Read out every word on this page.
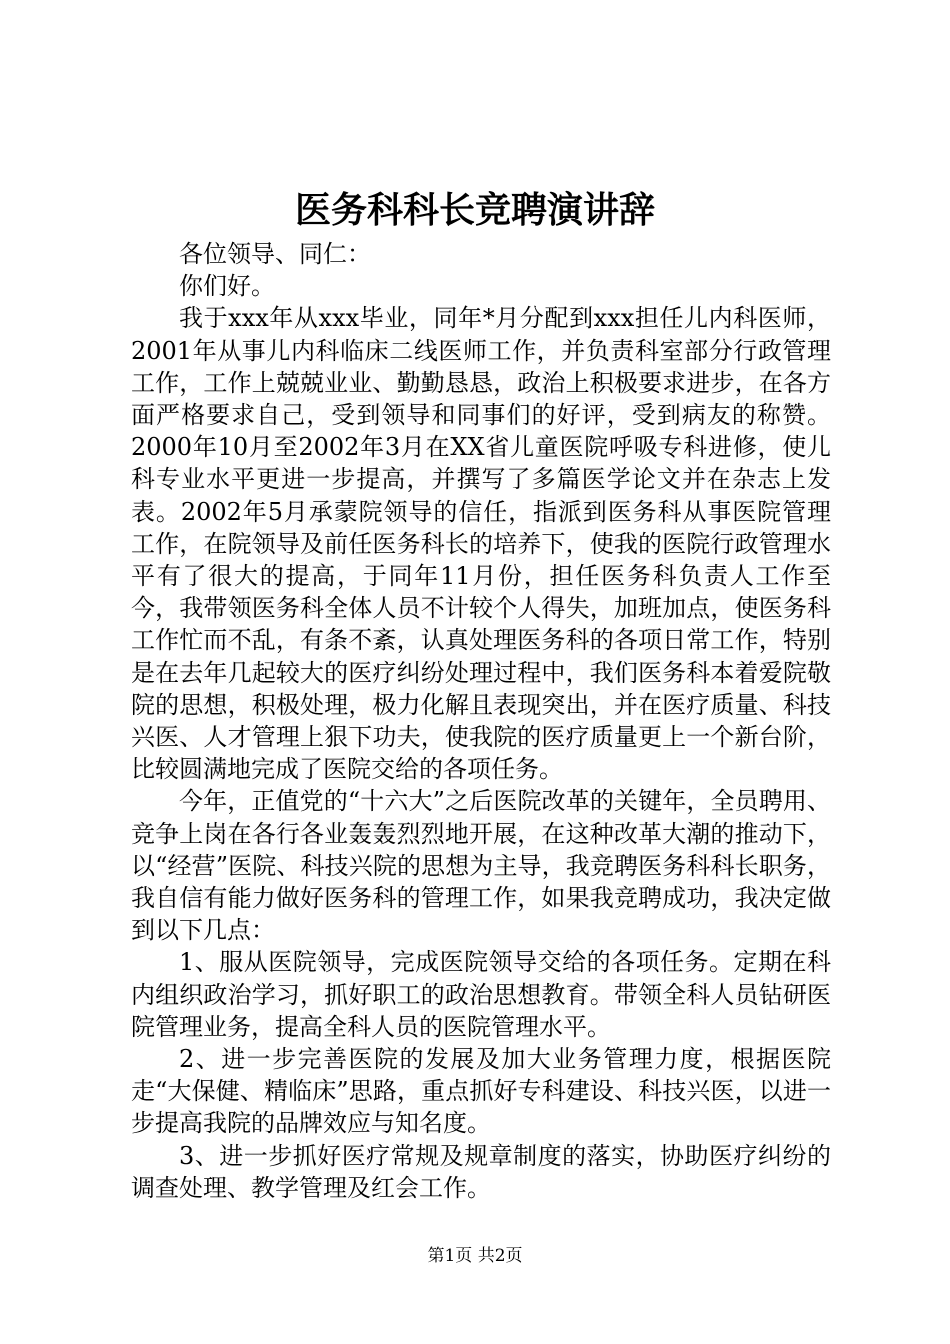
医务科科长竞聘演讲辞

各位领导、同仁：

你们好。

我于xxx年从xxx毕业，同年*月分配到xxx担任儿内科医师，2001年从事儿内科临床二线医师工作，并负责科室部分行政管理工作，工作上兢兢业业、勤勤恳恳，政治上积极要求进步，在各方面严格要求自己，受到领导和同事们的好评，受到病友的称赞。2000年10月至2002年3月在XX省儿童医院呼吸专科进修，使儿科专业水平更进一步提高，并撰写了多篇医学论文并在杂志上发表。2002年5月承蒙院领导的信任，指派到医务科从事医院管理工作，在院领导及前任医务科长的培养下，使我的医院行政管理水平有了很大的提高，于同年11月份，担任医务科负责人工作至今，我带领医务科全体人员不计较个人得失，加班加点，使医务科工作忙而不乱，有条不紊，认真处理医务科的各项日常工作，特别是在去年几起较大的医疗纠纷处理过程中，我们医务科本着爱院敬院的思想，积极处理，极力化解且表现突出，并在医疗质量、科技兴医、人才管理上狠下功夫，使我院的医疗质量更上一个新台阶，比较圆满地完成了医院交给的各项任务。

今年，正值党的“十六大”之后医院改革的关键年，全员聘用、竞争上岗在各行各业轰轰烈烈地开展，在这种改革大潮的推动下，以“经营”医院、科技兴院的思想为主导，我竞聘医务科科长职务，我自信有能力做好医务科的管理工作，如果我竞聘成功，我决定做到以下几点：

1、服从医院领导，完成医院领导交给的各项任务。定期在科内组织政治学习，抓好职工的政治思想教育。带领全科人员钻研医院管理业务，提高全科人员的医院管理水平。

2、进一步完善医院的发展及加大业务管理力度，根据医院走“大保健、精临床”思路，重点抓好专科建设、科技兴医，以进一步提高我院的品牌效应与知名度。

3、进一步抓好医疗常规及规章制度的落实，协助医疗纠纷的调查处理、教学管理及红会工作。

第1页 共2页
